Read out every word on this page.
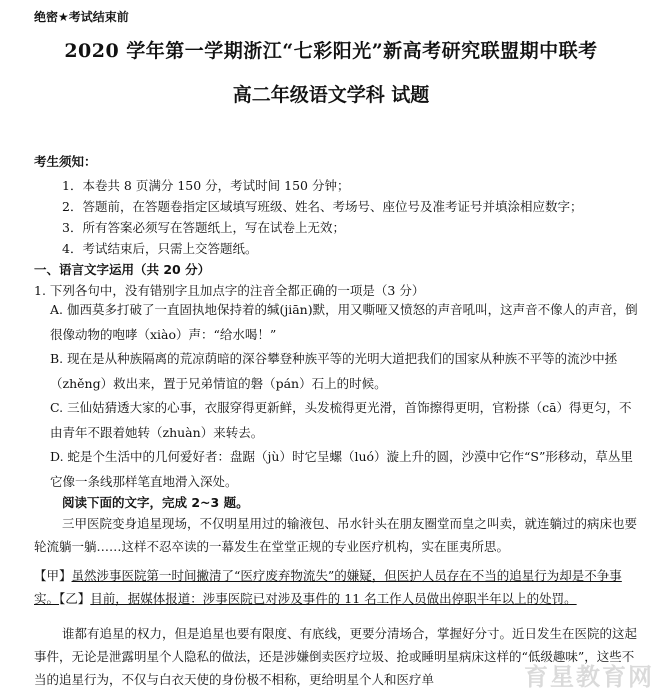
绝密★考试结束前
2020 学年第一学期浙江“七彩阳光”新高考研究联盟期中联考
高二年级语文学科 试题
考生须知：
1．本卷共 8 页满分 150 分，考试时间 150 分钟；
2．答题前，在答题卷指定区域填写班级、姓名、考场号、座位号及准考证号并填涂相应数字；
3．所有答案必须写在答题纸上，写在试卷上无效；
4．考试结束后，只需上交答题纸。
一、语言文字运用（共 20 分）
1. 下列各句中，没有错别字且加点字的注音全都正确的一项是（3 分）
A. 伽西莫多打破了一直固执地保持着的缄(jiān)默，用又嘶哑又愤怒的声音吼叫，这声音不像人的声音，倒很像动物的咆哮（xiào）声：“给水喝！”
B. 现在是从种族隔离的荒凉荫暗的深谷攀登种族平等的光明大道把我们的国家从种族不平等的流沙中拯（zhěng）救出来，置于兄弟情谊的磐（pán）石上的时候。
C. 三仙姑猜透大家的心事，衣服穿得更新鲜，头发梳得更光滑，首饰擦得更明，官粉搽（cā）得更匀，不由青年不跟着她转（zhuàn）来转去。
D. 蛇是个生活中的几何爱好者：盘踞（jù）时它呈螺（luó）漩上升的圆，沙漠中它作“S”形移动，草丛里它像一条线那样笔直地滑入深处。
阅读下面的文字，完成 2~3 题。
三甲医院变身追星现场，不仅明星用过的输液包、吊水针头在朋友圈堂而皇之叫卖，就连躺过的病床也要轮流躺一躺……这样不忍卒读的一幕发生在堂堂正规的专业医疗机构，实在匪夷所思。
【甲】虽然涉事医院第一时间撇清了“医疗废弃物流失”的嫌疑，但医护人员存在不当的追星行为却是不争事实。【乙】目前，据媒体报道：涉事医院已对涉及事件的 11 名工作人员做出停职半年以上的处罚。
谁都有追星的权力，但是追星也要有限度、有底线，更要分清场合，掌握好分寸。近日发生在医院的这起事件，无论是泄露明星个人隐私的做法，还是涉嫌倒卖医疗垃圾、抢或睡明星病床这样的“低级趣味”，这些不当的追星行为，不仅与白衣天使的身份极不相称，更给明星个人和医疗单	育星教育网
